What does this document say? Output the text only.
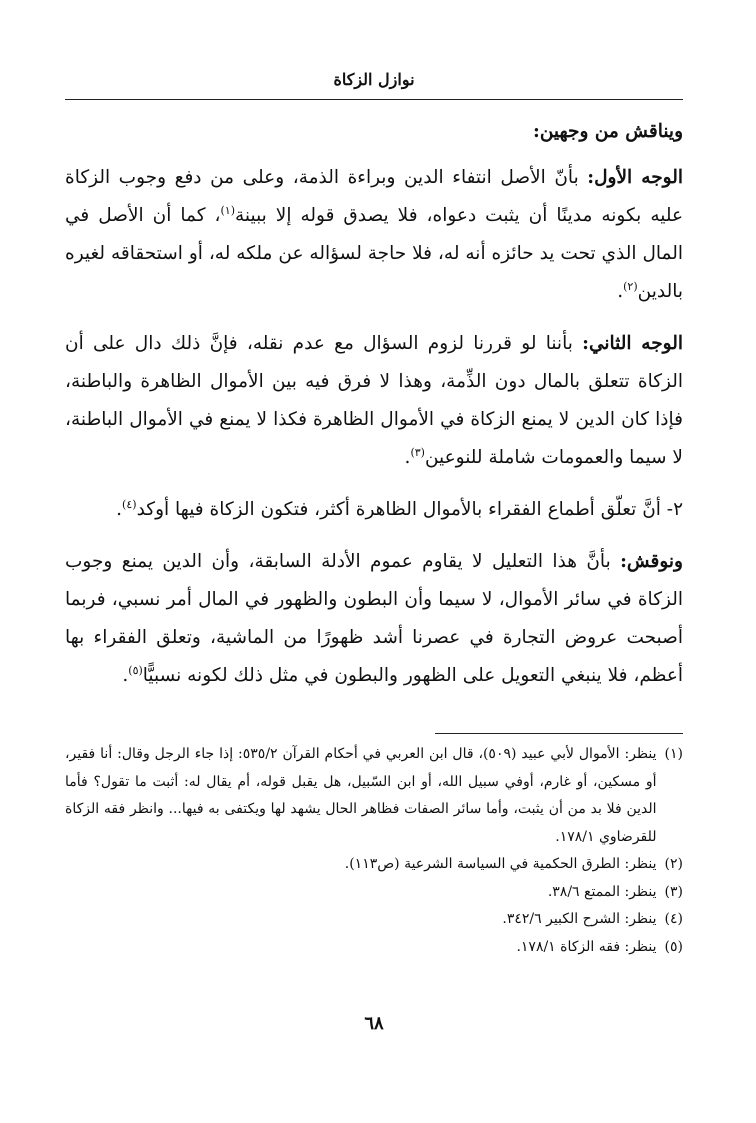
نوازل الزكاة

ويناقش من وجهين:

الوجه الأول: بأنّ الأصل انتفاء الدين وبراءة الذمة، وعلى من دفع وجوب الزكاة عليه بكونه مدينًا أن يثبت دعواه، فلا يصدق قوله إلا ببينة$^{(١)}$، كما أن الأصل في المال الذي تحت يد حائزه أنه له، فلا حاجة لسؤاله عن ملكه له، أو استحقاقه لغيره بالدين$^{(٢)}$.

الوجه الثاني: بأننا لو قررنا لزوم السؤال مع عدم نقله، فإنَّ ذلك دال على أن الزكاة تتعلق بالمال دون الذِّمة، وهذا لا فرق فيه بين الأموال الظاهرة والباطنة، فإذا كان الدين لا يمنع الزكاة في الأموال الظاهرة فكذا لا يمنع في الأموال الباطنة، لا سيما والعمومات شاملة للنوعين$^{(٣)}$.

٢- أنَّ تعلّق أطماع الفقراء بالأموال الظاهرة أكثر، فتكون الزكاة فيها أوكد$^{(٤)}$.

ونوقش: بأنَّ هذا التعليل لا يقاوم عموم الأدلة السابقة، وأن الدين يمنع وجوب الزكاة في سائر الأموال، لا سيما وأن البطون والظهور في المال أمر نسبي، فربما أصبحت عروض التجارة في عصرنا أشد ظهورًا من الماشية، وتعلق الفقراء بها أعظم، فلا ينبغي التعويل على الظهور والبطون في مثل ذلك لكونه نسبيًّا$^{(٥)}$.

(١)
ينظر: الأموال لأبي عبيد (٥٠٩)، قال ابن العربي في أحكام القرآن ٥٣٥/٢: إذا جاء الرجل وقال: أنا فقير، أو مسكين، أو غارم، أوفي سبيل الله، أو ابن السّبيل، هل يقبل قوله، أم يقال له: أثبت ما تقول؟ فأما الدين فلا بد من أن يثبت، وأما سائر الصفات فظاهر الحال يشهد لها ويكتفى به فيها... وانظر فقه الزكاة للقرضاوي ١٧٨/١.
(٢)
ينظر: الطرق الحكمية في السياسة الشرعية (ص١١٣).
(٣)
ينظر: الممتع ٣٨/٦.
(٤)
ينظر: الشرح الكبير ٣٤٢/٦.
(٥)
ينظر: فقه الزكاة ١٧٨/١.
٦٨
